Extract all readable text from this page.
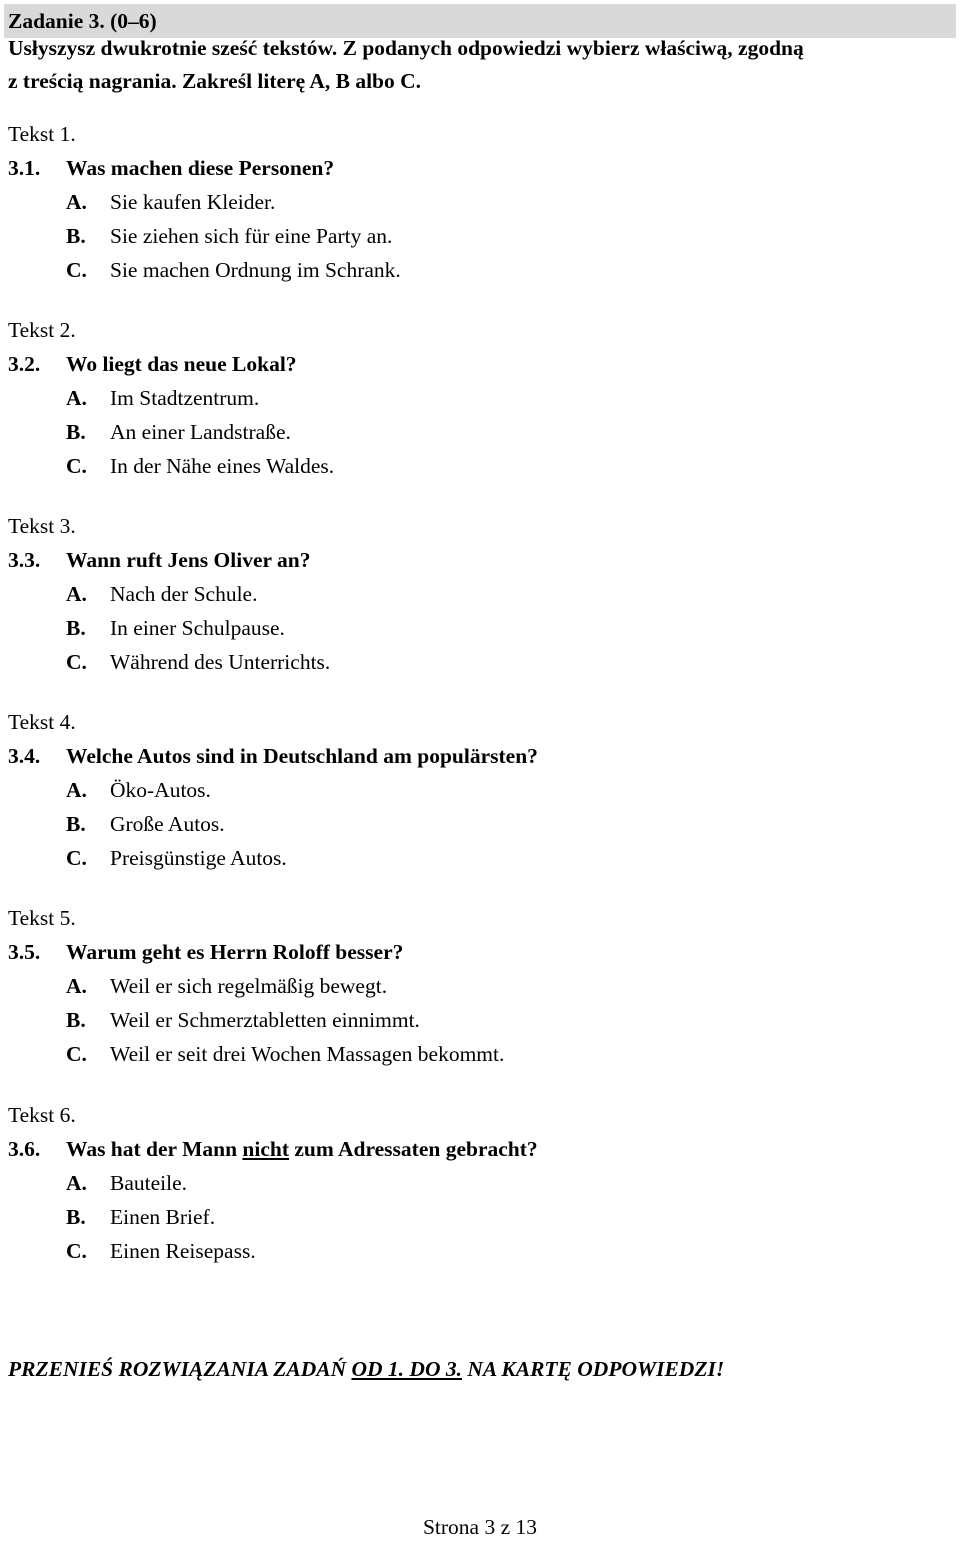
Zadanie 3. (0–6)
Usłyszysz dwukrotnie sześć tekstów. Z podanych odpowiedzi wybierz właściwą, zgodną
z treścią nagrania. Zakreśl literę A, B albo C.
Tekst 1.
3.1. Was machen diese Personen?
A. Sie kaufen Kleider.
B. Sie ziehen sich für eine Party an.
C. Sie machen Ordnung im Schrank.
Tekst 2.
3.2. Wo liegt das neue Lokal?
A. Im Stadtzentrum.
B. An einer Landstraße.
C. In der Nähe eines Waldes.
Tekst 3.
3.3. Wann ruft Jens Oliver an?
A. Nach der Schule.
B. In einer Schulpause.
C. Während des Unterrichts.
Tekst 4.
3.4. Welche Autos sind in Deutschland am populärsten?
A. Öko-Autos.
B. Große Autos.
C. Preisgünstige Autos.
Tekst 5.
3.5. Warum geht es Herrn Roloff besser?
A. Weil er sich regelmäßig bewegt.
B. Weil er Schmerztabletten einnimmt.
C. Weil er seit drei Wochen Massagen bekommt.
Tekst 6.
3.6. Was hat der Mann nicht zum Adressaten gebracht?
A. Bauteile.
B. Einen Brief.
C. Einen Reisepass.
PRZENIEŚ ROZWIĄZANIA ZADAŃ OD 1. DO 3. NA KARTĘ ODPOWIEDZI!
Strona 3 z 13
